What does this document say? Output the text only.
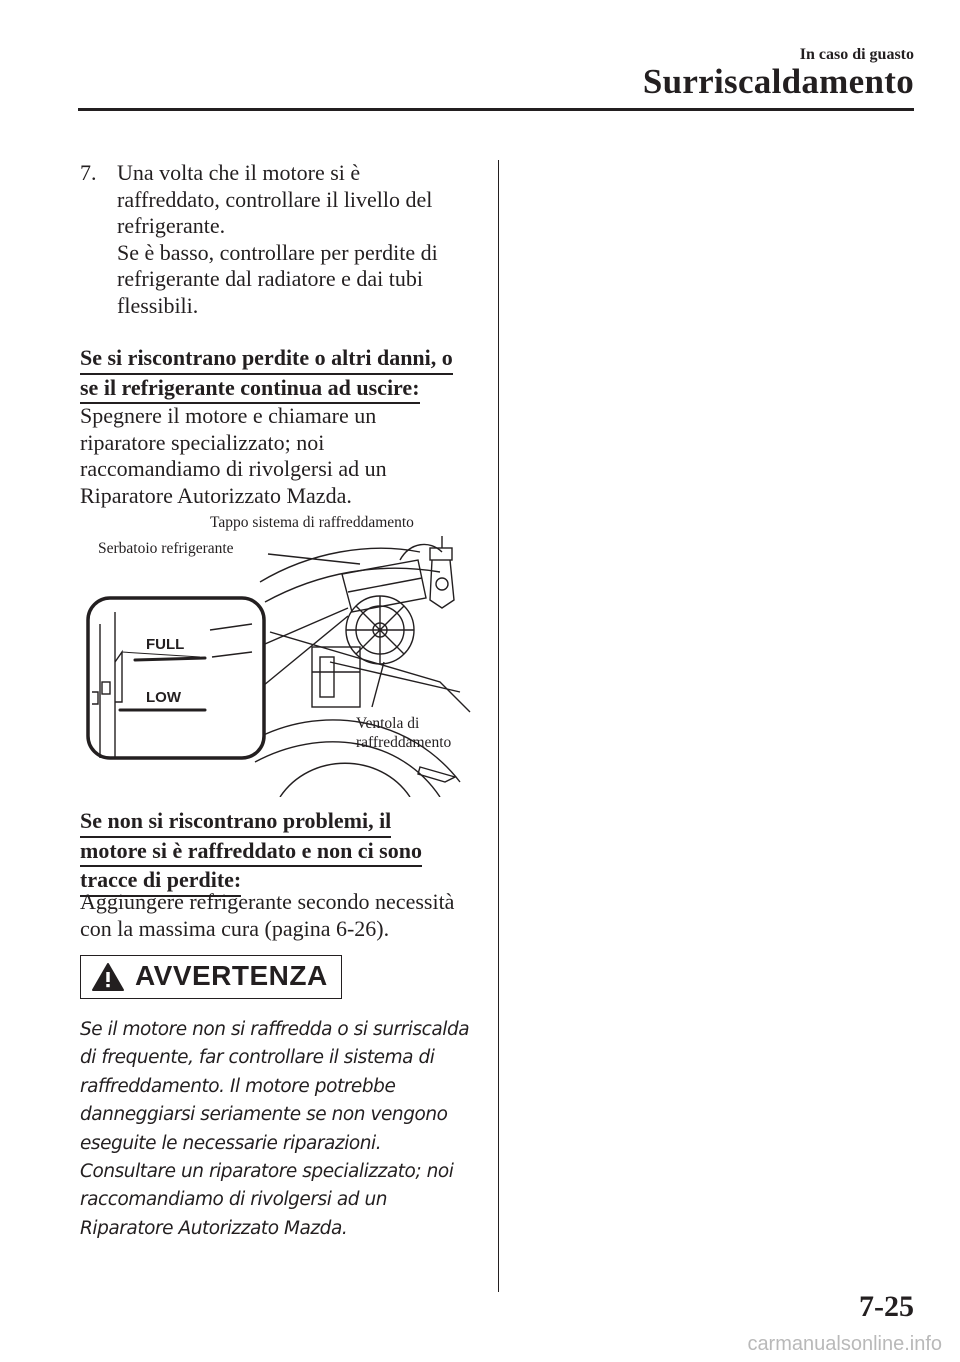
In caso di guasto
Surriscaldamento
7. Una volta che il motore si è
raffreddato, controllare il livello del
refrigerante.
Se è basso, controllare per perdite di
refrigerante dal radiatore e dai tubi
flessibili.
Se si riscontrano perdite o altri danni, o
se il refrigerante continua ad uscire:
Spegnere il motore e chiamare un
riparatore specializzato; noi
raccomandiamo di rivolgersi ad un
Riparatore Autorizzato Mazda.
FULL
LOW
Tappo sistema di raffreddamento
Serbatoio refrigerante
Ventola di
raffreddamento
Se non si riscontrano problemi, il
motore si è raffreddato e non ci sono
tracce di perdite:
Aggiungere refrigerante secondo necessità
con la massima cura (pagina 6-26).
AVVERTENZA
Se il motore non si raffredda o si surriscalda
di frequente, far controllare il sistema di
raffreddamento. Il motore potrebbe
danneggiarsi seriamente se non vengono
eseguite le necessarie riparazioni.
Consultare un riparatore specializzato; noi
raccomandiamo di rivolgersi ad un
Riparatore Autorizzato Mazda.
7-25
carmanualsonline.info
